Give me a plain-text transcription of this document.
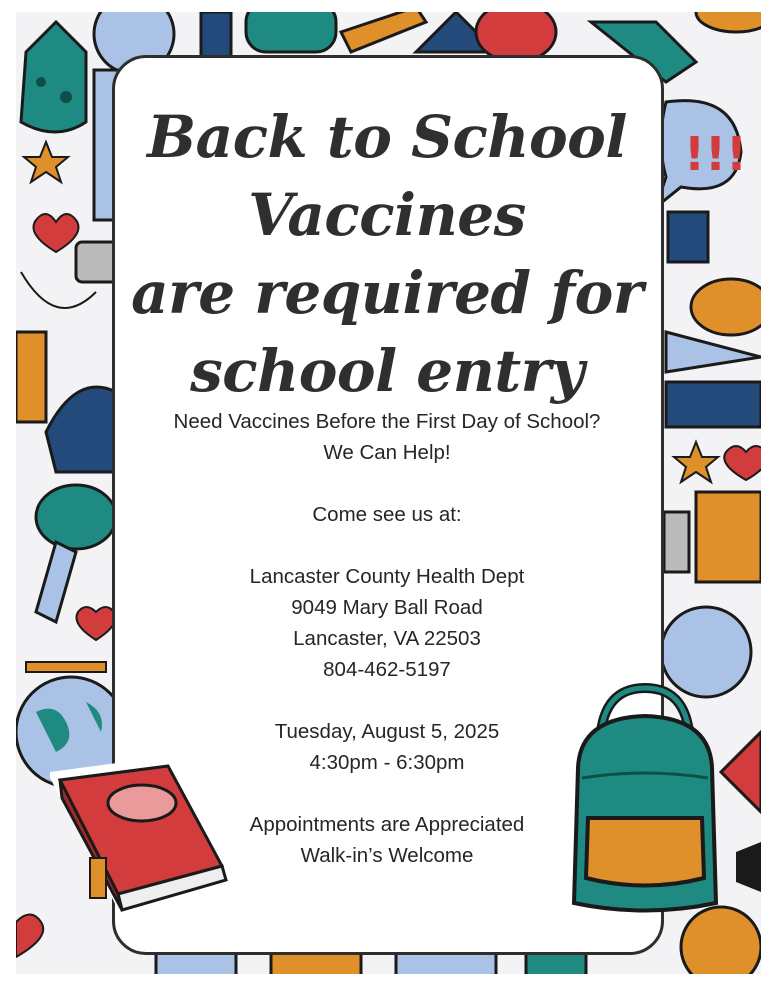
!!!
Back to School
Vaccines
are required for
school entry
Need Vaccines Before the First Day of School?
We Can Help!
Come see us at:
Lancaster County Health Dept
9049 Mary Ball Road
Lancaster, VA 22503
804-462-5197
Tuesday, August 5, 2025
4:30pm - 6:30pm
Appointments are Appreciated
Walk-in’s Welcome
